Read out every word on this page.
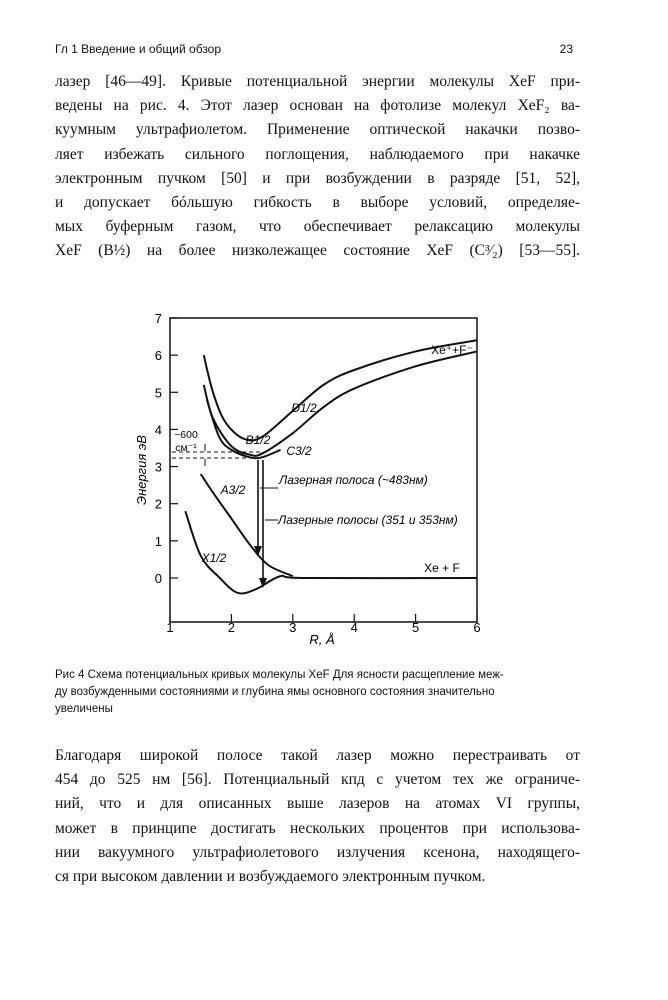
Гл 1 Введение и общий обзор	23
лазер [46—49]. Кривые потенциальной энергии молекулы XeF при-
ведены на рис. 4. Этот лазер основан на фотолизе молекул XeF₂ ва-
куумным ультрафиолетом. Применение оптической накачки позво-
ляет избежать сильного поглощения, наблюдаемого при накачке
электронным пучком [50] и при возбуждении в разряде [51, 52],
и допускает бóльшую гибкость в выборе условий, определяе-
мых буферным газом, что обеспечивает релаксацию молекулы
XeF (B½) на более низколежащее состояние XeF (C³⁄₂) [53—55].
0
1
2
3
4
5
6
7
1	2	3	4	5	6
Xe⁺+F⁻
Xe + F
D1/2
B1/2
C3/2
A3/2
X1/2
~600
см⁻¹
Лазерная полоса (~483нм)
Лазерные полосы (351 и 353нм)
R, Å
Энергия эВ
Рис 4 Схема потенциальных кривых молекулы XeF Для ясности расщепление меж-
ду возбужденными состояниями и глубина ямы основного состояния значительно
увеличены
Благодаря широкой полосе такой лазер можно перестраивать от
454 до 525 нм [56]. Потенциальный кпд с учетом тех же ограниче-
ний, что и для описанных выше лазеров на атомах VI группы,
может в принципе достигать нескольких процентов при использова-
нии вакуумного ультрафиолетового излучения ксенона, находящего-
ся при высоком давлении и возбуждаемого электронным пучком.
